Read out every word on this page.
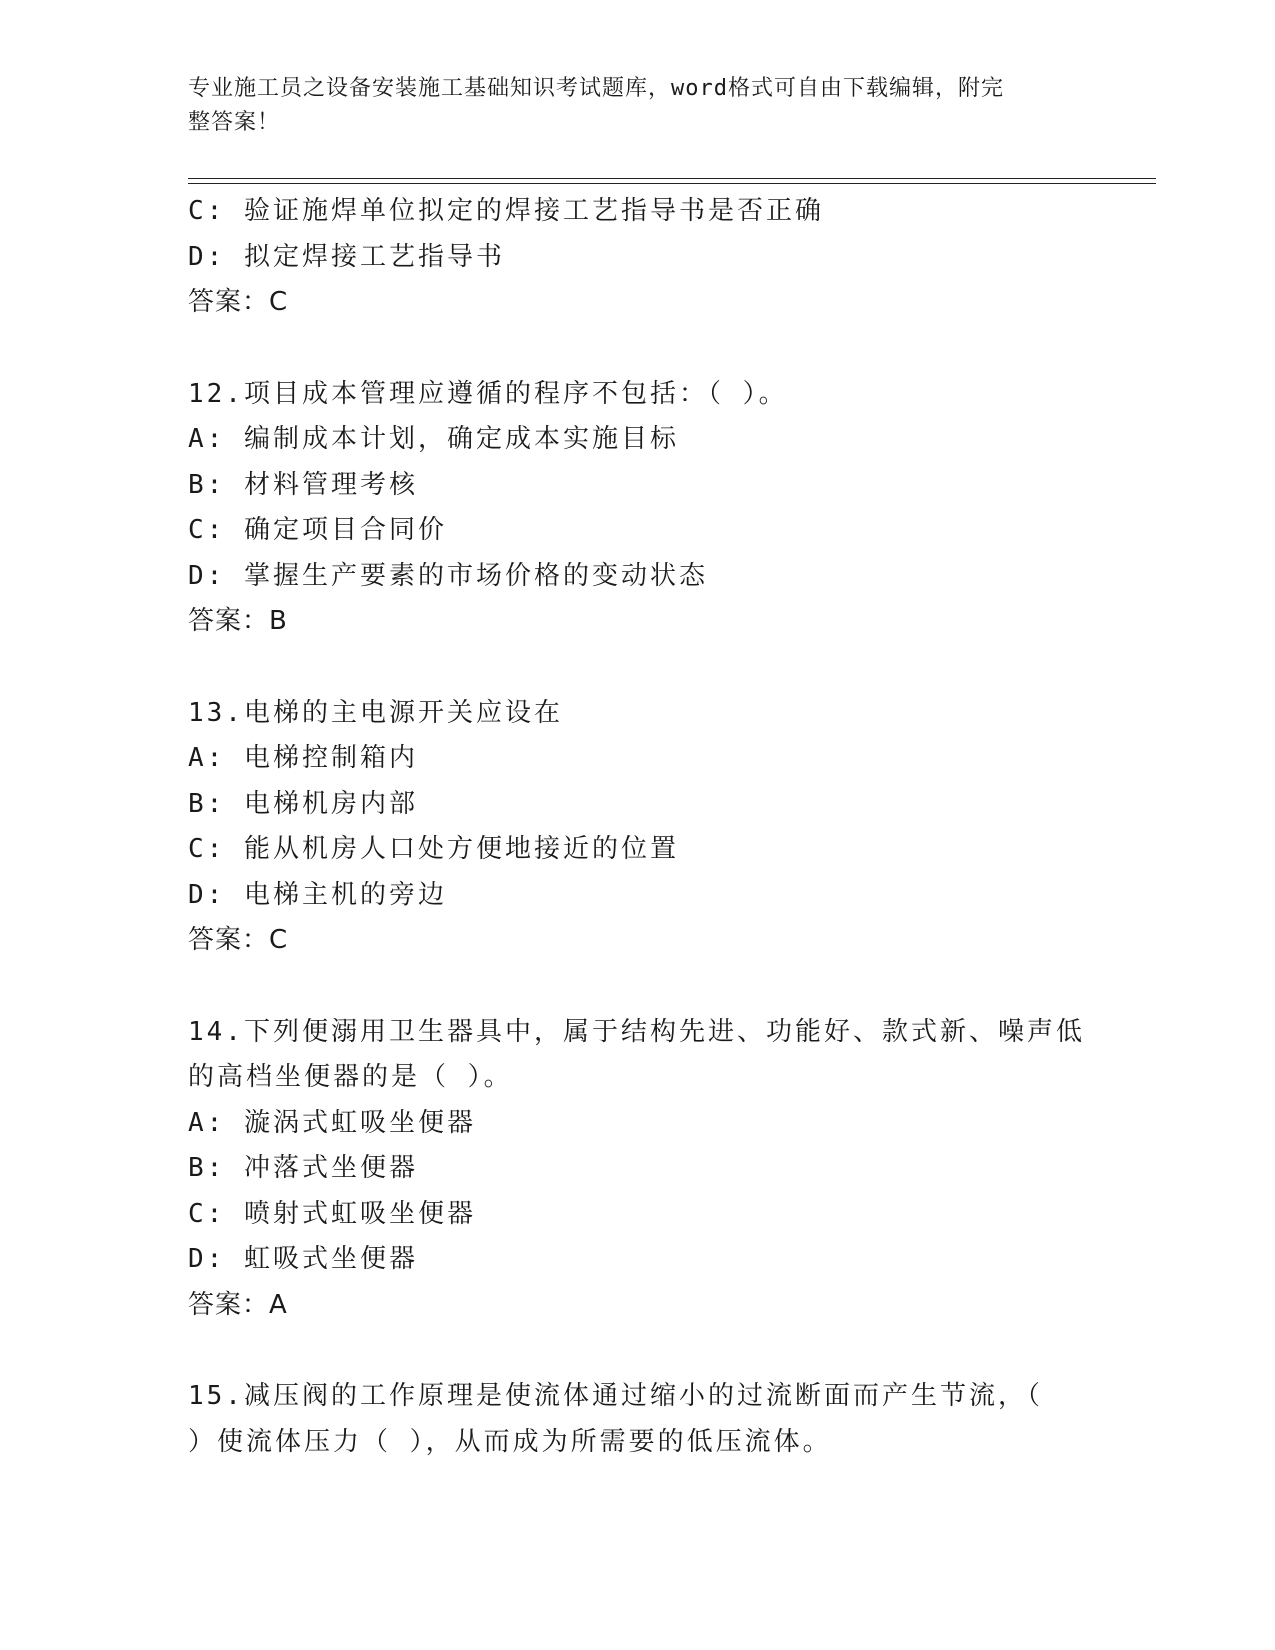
专业施工员之设备安装施工基础知识考试题库，word格式可自由下载编辑，附完
整答案！
C: 验证施焊单位拟定的焊接工艺指导书是否正确
D: 拟定焊接工艺指导书
答案：C
12.项目成本管理应遵循的程序不包括：（ ）。
A: 编制成本计划，确定成本实施目标
B: 材料管理考核
C: 确定项目合同价
D: 掌握生产要素的市场价格的变动状态
答案：B
13.电梯的主电源开关应设在
A: 电梯控制箱内
B: 电梯机房内部
C: 能从机房人口处方便地接近的位置
D: 电梯主机的旁边
答案：C
14.下列便溺用卫生器具中，属于结构先进、功能好、款式新、噪声低
的高档坐便器的是（ ）。
A: 漩涡式虹吸坐便器
B: 冲落式坐便器
C: 喷射式虹吸坐便器
D: 虹吸式坐便器
答案：A
15.减压阀的工作原理是使流体通过缩小的过流断面而产生节流，（
）使流体压力（ ），从而成为所需要的低压流体。
